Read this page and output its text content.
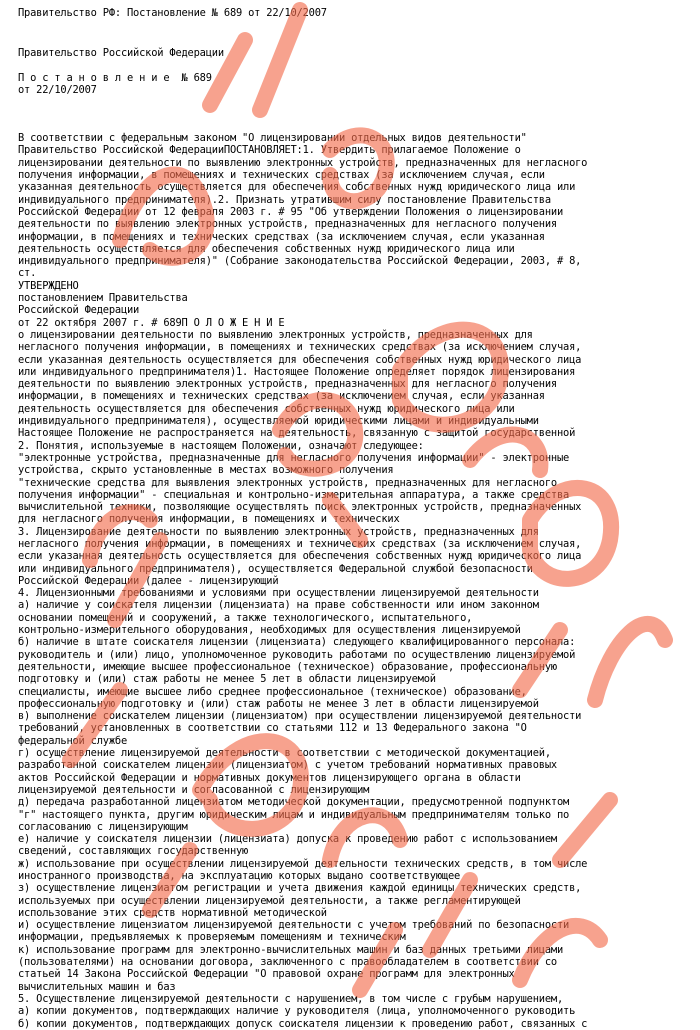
Правительство РФ: Постановление № 689 от 22/10/2007
Правительство Российской Федерации
П о с т а н о в л е н и е  № 689
от 22/10/2007
В соответствии с федеральным законом "О лицензировании отдельных видов деятельности"
Правительство Российской ФедерацииПОСТАНОВЛЯЕТ:1. Утвердить прилагаемое Положение о
лицензировании деятельности по выявлению электронных устройств, предназначенных для негласного
получения информации, в помещениях и технических средствах (за исключением случая, если
указанная деятельность осуществляется для обеспечения собственных нужд юридического лица или
индивидуального предпринимателя).2. Признать утратившим силу постановление Правительства
Российской Федерации от 12 февраля 2003 г. # 95 "Об утверждении Положения о лицензировании
деятельности по выявлению электронных устройств, предназначенных для негласного получения
информации, в помещениях и технических средствах (за исключением случая, если указанная
деятельность осуществляется для обеспечения собственных нужд юридического лица или
индивидуального предпринимателя)" (Собрание законодательства Российской Федерации, 2003, # 8,
ст.
УТВЕРЖДЕНО
постановлением Правительства
Российской Федерации
от 22 октября 2007 г. # 689П О Л О Ж Е Н И Е
о лицензировании деятельности по выявлению электронных устройств, предназначенных для
негласного получения информации, в помещениях и технических средствах (за исключением случая,
если указанная деятельность осуществляется для обеспечения собственных нужд юридического лица
или индивидуального предпринимателя)1. Настоящее Положение определяет порядок лицензирования
деятельности по выявлению электронных устройств, предназначенных для негласного получения
информации, в помещениях и технических средствах (за исключением случая, если указанная
деятельность осуществляется для обеспечения собственных нужд юридического лица или
индивидуального предпринимателя), осуществляемой юридическими лицами и индивидуальными
Настоящее Положение не распространяется на деятельность, связанную с защитой государственной
2. Понятия, используемые в настоящем Положении, означают следующее:
"электронные устройства, предназначенные для негласного получения информации" - электронные
устройства, скрыто установленные в местах возможного получения
"технические средства для выявления электронных устройств, предназначенных для негласного
получения информации" - специальная и контрольно-измерительная аппаратура, а также средства
вычислительной техники, позволяющие осуществлять поиск электронных устройств, предназначенных
для негласного получения информации, в помещениях и технических
3. Лицензирование деятельности по выявлению электронных устройств, предназначенных для
негласного получения информации, в помещениях и технических средствах (за исключением случая,
если указанная деятельность осуществляется для обеспечения собственных нужд юридического лица
или индивидуального предпринимателя), осуществляется Федеральной службой безопасности
Российской Федерации (далее - лицензирующий
4. Лицензионными требованиями и условиями при осуществлении лицензируемой деятельности
а) наличие у соискателя лицензии (лицензиата) на праве собственности или ином законном
основании помещений и сооружений, а также технологического, испытательного,
контрольно-измерительного оборудования, необходимых для осуществления лицензируемой
б) наличие в штате соискателя лицензии (лицензиата) следующего квалифицированного персонала:
руководитель и (или) лицо, уполномоченное руководить работами по осуществлению лицензируемой
деятельности, имеющие высшее профессиональное (техническое) образование, профессиональную
подготовку и (или) стаж работы не менее 5 лет в области лицензируемой
специалисты, имеющие высшее либо среднее профессиональное (техническое) образование,
профессиональную подготовку и (или) стаж работы не менее 3 лет в области лицензируемой
в) выполнение соискателем лицензии (лицензиатом) при осуществлении лицензируемой деятельности
требований, установленных в соответствии со статьями 112 и 13 Федерального закона "О
федеральной службе
г) осуществление лицензируемой деятельности в соответствии с методической документацией,
разработанной соискателем лицензии (лицензиатом) с учетом требований нормативных правовых
актов Российской Федерации и нормативных документов лицензирующего органа в области
лицензируемой деятельности и согласованной с лицензирующим
д) передача разработанной лицензиатом методической документации, предусмотренной подпунктом
"г" настоящего пункта, другим юридическим лицам и индивидуальным предпринимателям только по
согласованию с лицензирующим
е) наличие у соискателя лицензии (лицензиата) допуска к проведению работ с использованием
сведений, составляющих государственную
ж) использование при осуществлении лицензируемой деятельности технических средств, в том числе
иностранного производства, на эксплуатацию которых выдано соответствующее
з) осуществление лицензиатом регистрации и учета движения каждой единицы технических средств,
используемых при осуществлении лицензируемой деятельности, а также регламентирующей
использование этих средств нормативной методической
и) осуществление лицензиатом лицензируемой деятельности с учетом требований по безопасности
информации, предъявляемых к проверяемым помещениям и техническим
к) использование программ для электронно-вычислительных машин и баз данных третьими лицами
(пользователями) на основании договора, заключенного с правообладателем в соответствии со
статьей 14 Закона Российской Федерации "О правовой охране программ для электронных
вычислительных машин и баз
5. Осуществление лицензируемой деятельности с нарушением, в том числе с грубым нарушением,
а) копии документов, подтверждающих наличие у руководителя (лица, уполномоченного руководить
б) копии документов, подтверждающих допуск соискателя лицензии к проведению работ, связанных с
